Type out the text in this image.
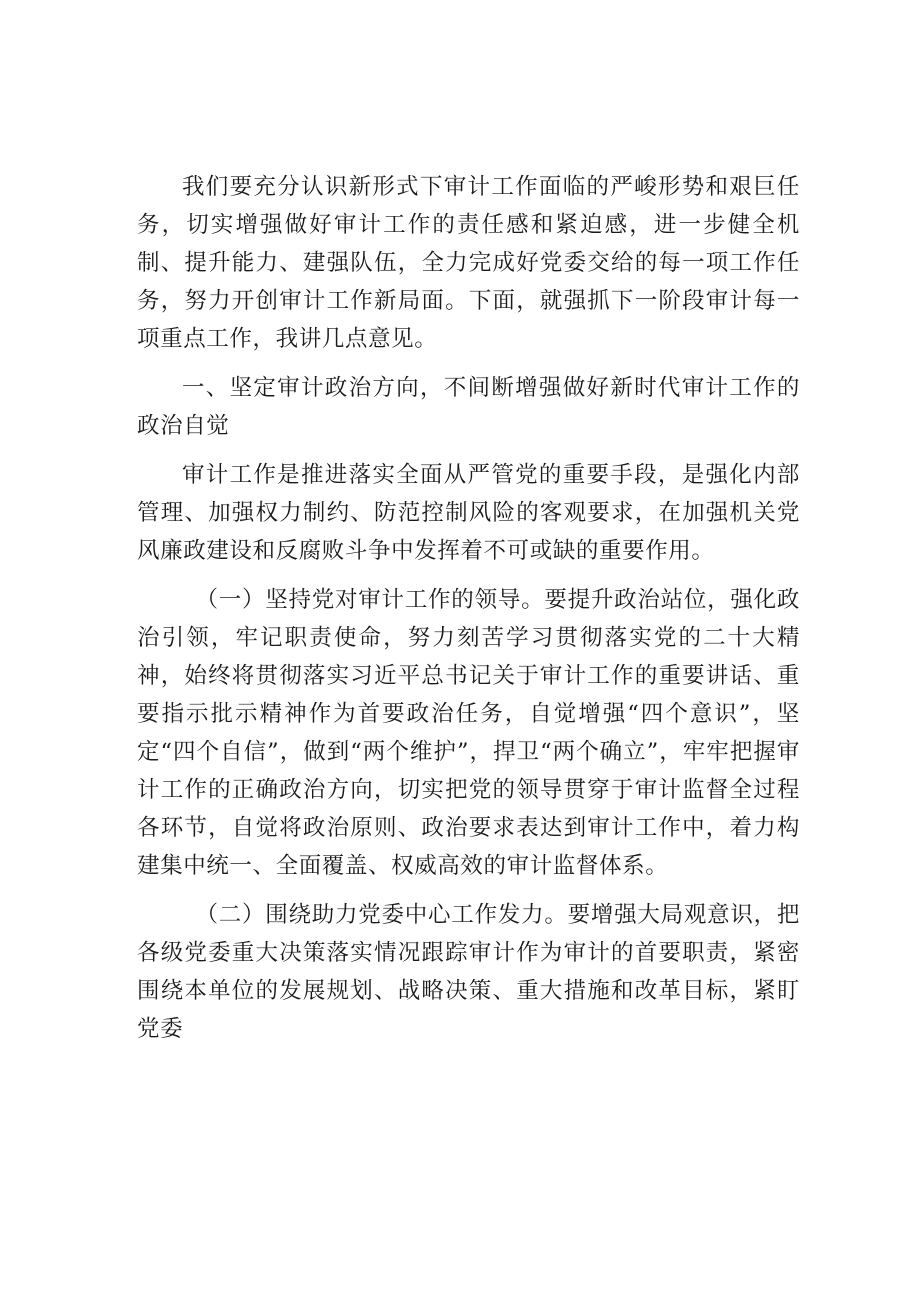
我们要充分认识新形式下审计工作面临的严峻形势和艰巨任务，切实增强做好审计工作的责任感和紧迫感，进一步健全机制、提升能力、建强队伍，全力完成好党委交给的每一项工作任务，努力开创审计工作新局面。下面，就强抓下一阶段审计每一项重点工作，我讲几点意见。

一、坚定审计政治方向，不间断增强做好新时代审计工作的政治自觉

审计工作是推进落实全面从严管党的重要手段，是强化内部管理、加强权力制约、防范控制风险的客观要求，在加强机关党风廉政建设和反腐败斗争中发挥着不可或缺的重要作用。

（一）坚持党对审计工作的领导。要提升政治站位，强化政治引领，牢记职责使命，努力刻苦学习贯彻落实党的二十大精神，始终将贯彻落实习近平总书记关于审计工作的重要讲话、重要指示批示精神作为首要政治任务，自觉增强“四个意识”，坚定“四个自信”，做到“两个维护”，捍卫“两个确立”，牢牢把握审计工作的正确政治方向，切实把党的领导贯穿于审计监督全过程各环节，自觉将政治原则、政治要求表达到审计工作中，着力构建集中统一、全面覆盖、权威高效的审计监督体系。

（二）围绕助力党委中心工作发力。要增强大局观意识，把各级党委重大决策落实情况跟踪审计作为审计的首要职责，紧密围绕本单位的发展规划、战略决策、重大措施和改革目标，紧盯党委
